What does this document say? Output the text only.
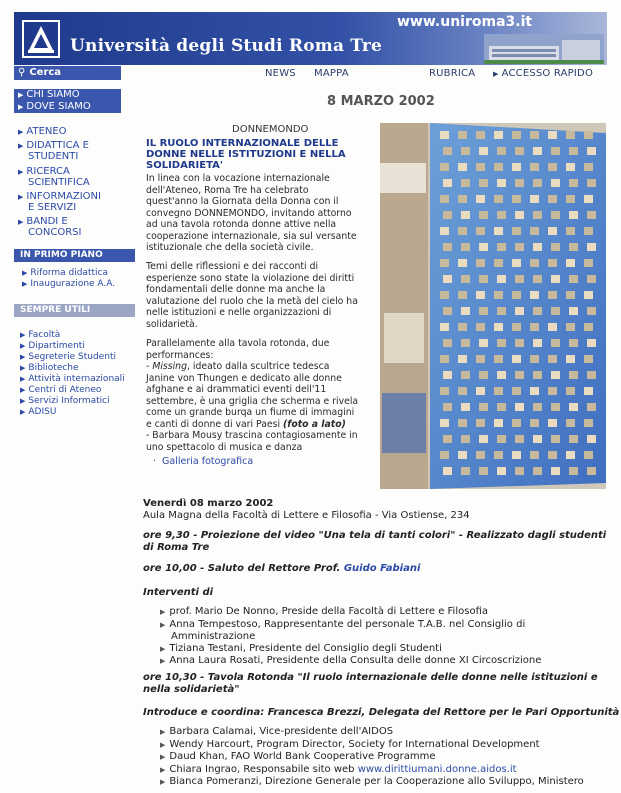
Università degli Studi Roma Tre
www.uniroma3.it
⚲ Cerca	NEWS MAPPA	RUBRICA	▶ ACCESSO RAPIDO
▶ CHI SIAMO
▶ DOVE SIAMO
▶ ATENEO
▶ DIDATTICA E
STUDENTI
▶ RICERCA
SCIENTIFICA
▶ INFORMAZIONI
E SERVIZI
▶ BANDI E
CONCORSI
IN PRIMO PIANO
▶ Riforma didattica
▶ Inaugurazione A.A.
SEMPRE UTILI
▶ Facoltà
▶ Dipartimenti
▶ Segreterie Studenti
▶ Biblioteche
▶ Attività internazionali
▶ Centri di Ateneo
▶ Servizi Informatici
▶ ADISU
8 MARZO 2002
DONNEMONDO
IL RUOLO INTERNAZIONALE DELLE DONNE NELLE ISTITUZIONI E NELLA SOLIDARIETA'
In linea con la vocazione internazionale
dell'Ateneo, Roma Tre ha celebrato
quest'anno la Giornata della Donna con il
convegno DONNEMONDO, invitando attorno
ad una tavola rotonda donne attive nella
cooperazione internazionale, sia sul versante
istituzionale che della società civile.
Temi delle riflessioni e dei racconti di
esperienze sono state la violazione dei diritti
fondamentali delle donne ma anche la
valutazione del ruolo che la metà del cielo ha
nelle istituzioni e nelle organizzazioni di
solidarietà.
Parallelamente alla tavola rotonda, due
performances:
- Missing, ideato dalla scultrice tedesca
Janine von Thungen e dedicato alle donne
afghane e ai drammatici eventi dell'11
settembre, è una griglia che scherma e rivela
come un grande burqa un fiume di immagini
e canti di donne di vari Paesi (foto a lato)
- Barbara Mousy trascina contagiosamente in
uno spettacolo di musica e danza
· Galleria fotografica
Venerdì 08 marzo 2002
Aula Magna della Facoltà di Lettere e Filosofia - Via Ostiense, 234
ore 9,30 - Proiezione del video "Una tela di tanti colori" - Realizzato dagli studenti
di Roma Tre
ore 10,00 - Saluto del Rettore Prof. Guido Fabiani
Interventi di
▶ prof. Mario De Nonno, Preside della Facoltà di Lettere e Filosofia
▶ Anna Tempestoso, Rappresentante del personale T.A.B. nel Consiglio di
Amministrazione
▶ Tiziana Testani, Presidente del Consiglio degli Studenti
▶ Anna Laura Rosati, Presidente della Consulta delle donne XI Circoscrizione
ore 10,30 - Tavola Rotonda "Il ruolo internazionale delle donne nelle istituzioni e
nella solidarietà"
Introduce e coordina: Francesca Brezzi, Delegata del Rettore per le Pari Opportunità
▶ Barbara Calamai, Vice-presidente dell'AIDOS
▶ Wendy Harcourt, Program Director, Society for International Development
▶ Daud Khan, FAO World Bank Cooperative Programme
▶ Chiara Ingrao, Responsabile sito web www.dirittiumani.donne.aidos.it
▶ Bianca Pomeranzi, Direzione Generale per la Cooperazione allo Sviluppo, Ministero
